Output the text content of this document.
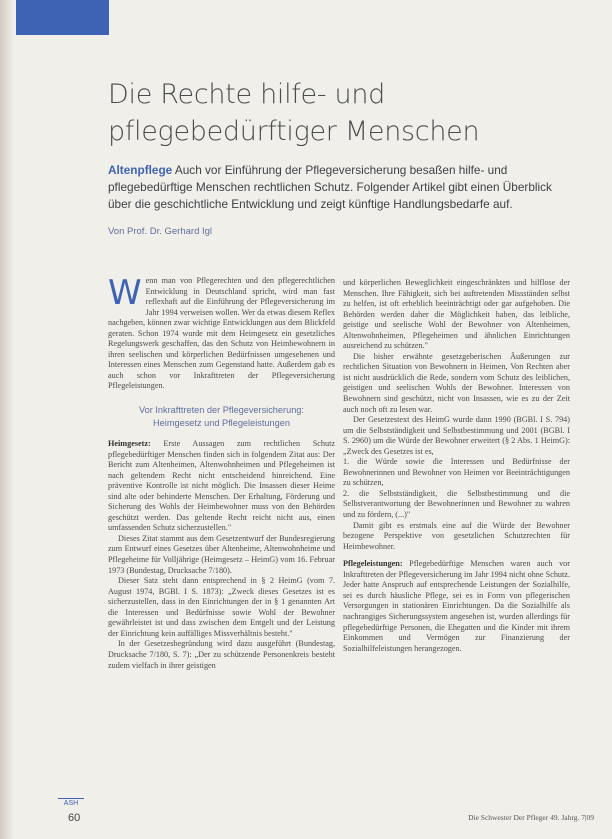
Die Rechte hilfe- und
pflegebedürftiger Menschen
Altenpflege Auch vor Einführung der Pflegeversicherung besaßen hilfe- und pflegebedürftige Menschen rechtlichen Schutz. Folgender Artikel gibt einen Überblick über die geschichtliche Entwicklung und zeigt künftige Handlungsbedarfe auf.
Von Prof. Dr. Gerhard Igl

Wenn man von Pflegerechten und den pflegerechtlichen Entwicklung in Deutschland spricht, wird man fast reflexhaft auf die Einführung der Pflegeversicherung im Jahr 1994 verweisen wollen. Wer da etwas diesem Reflex nachgeben, können zwar wichtige Entwicklungen aus dem Blickfeld geraten. Schon 1974 wurde mit dem Heimgesetz ein gesetzliches Regelungswerk geschaffen, das den Schutz von Heimbewohnern in ihren seelischen und körperlichen Bedürfnissen umgesehenen und Interessen eines Menschen zum Gegenstand hatte. Außerdem gab es auch schon vor Inkrafttreten der Pflegeversicherung Pflegeleistungen.

Vor Inkrafttreten der Pflegeversicherung:
Heimgesetz und Pflegeleistungen

Heimgesetz: Erste Aussagen zum rechtlichen Schutz pflegebedürftiger Menschen finden sich in folgendem Zitat aus: Der Bericht zum Altenheimen, Altenwohnheimen und Pflegeheimen ist nach geltendem Recht nicht entscheidend hinreichend. Eine präventive Kontrolle ist nicht möglich. Die Insassen dieser Heime sind alte oder behinderte Menschen. Der Erhaltung, Förderung und Sicherung des Wohls der Heimbewohner muss von den Behörden geschützt werden. Das geltende Recht reicht nicht aus, einen umfassenden Schutz sicherzustellen."

Dieses Zitat stammt aus dem Gesetzentwurf der Bundesregierung zum Entwurf eines Gesetzes über Altenheime, Altenwohnheime und Pflegeheime für Volljährige (Heimgesetz – HeimG) vom 16. Februar 1973 (Bundestag, Drucksache 7/180).

Dieser Satz steht dann entsprechend in § 2 HeimG (vom 7. August 1974, BGBl. I S. 1873): „Zweck dieses Gesetzes ist es sicherzustellen, dass in den Einrichtungen der in § 1 genannten Art die Interessen und Bedürfnisse sowie Wohl der Bewohner gewährleistet ist und dass zwischen dem Entgelt und der Leistung der Einrichtung kein auffälliges Missverhältnis besteht."

In der Gesetzesbegründung wird dazu ausgeführt (Bundestag, Drucksache 7/180, S. 7): „Der zu schützende Personenkreis besteht zudem vielfach in ihrer geistigen

und körperlichen Beweglichkeit eingeschränkten und hilflose der Menschen. Ihre Fähigkeit, sich bei auftretenden Missständen selbst zu helfen, ist oft erheblich beeinträchtigt oder gar aufgehoben. Die Behörden werden daher die Möglichkeit haben, das leibliche, geistige und seelische Wohl der Bewohner von Altenheimen, Altenwohnheimen, Pflegeheimen und ähnlichen Einrichtungen ausreichend zu schützen."

Die bisher erwähnte gesetzgeberischen Äußerungen zur rechtlichen Situation von Bewohnern in Heimen, Von Rechten aber ist nicht ausdrücklich die Rede, sondern vom Schutz des leiblichen, geistigen und seelischen Wohls der Bewohner. Interessen von Bewohnern sind geschützt, nicht von Insassen, wie es zu der Zeit auch noch oft zu lesen war.

Der Gesetzestext des HeimG wurde dann 1990 (BGBl. I S. 794) um die Selbstständigkeit und Selbstbestimmung und 2001 (BGBl. I S. 2960) um die Würde der Bewohner erweitert (§ 2 Abs. 1 HeimG): „Zweck des Gesetzes ist es,

1. die Würde sowie die Interessen und Bedürfnisse der Bewohnerinnen und Bewohner von Heimen vor Beeinträchtigungen zu schützen,

2. die Selbstständigkeit, die Selbstbestimmung und die Selbstverantwortung der Bewohnerinnen und Bewohner zu wahren und zu fördern, (...)"

Damit gibt es erstmals eine auf die Würde der Bewohner bezogene Perspektive von gesetzlichen Schutzrechten für Heimbewohner.

Pflegeleistungen: Pflegebedürftige Menschen waren auch vor Inkrafttreten der Pflegeversicherung im Jahr 1994 nicht ohne Schutz. Jeder hatte Anspruch auf entsprechende Leistungen der Sozialhilfe, sei es durch häusliche Pflege, sei es in Form von pflegerischen Versorgungen in stationären Einrichtungen. Da die Sozialhilfe als nachrangiges Sicherungssystem angesehen ist, wurden allerdings für pflegebedürftige Personen, die Ehegatten und die Kinder mit ihrem Einkommen und Vermögen zur Finanzierung der Sozialhilfeleistungen herangezogen.

ASH
60	Die Schwester Der Pfleger 49. Jahrg. 7|09
